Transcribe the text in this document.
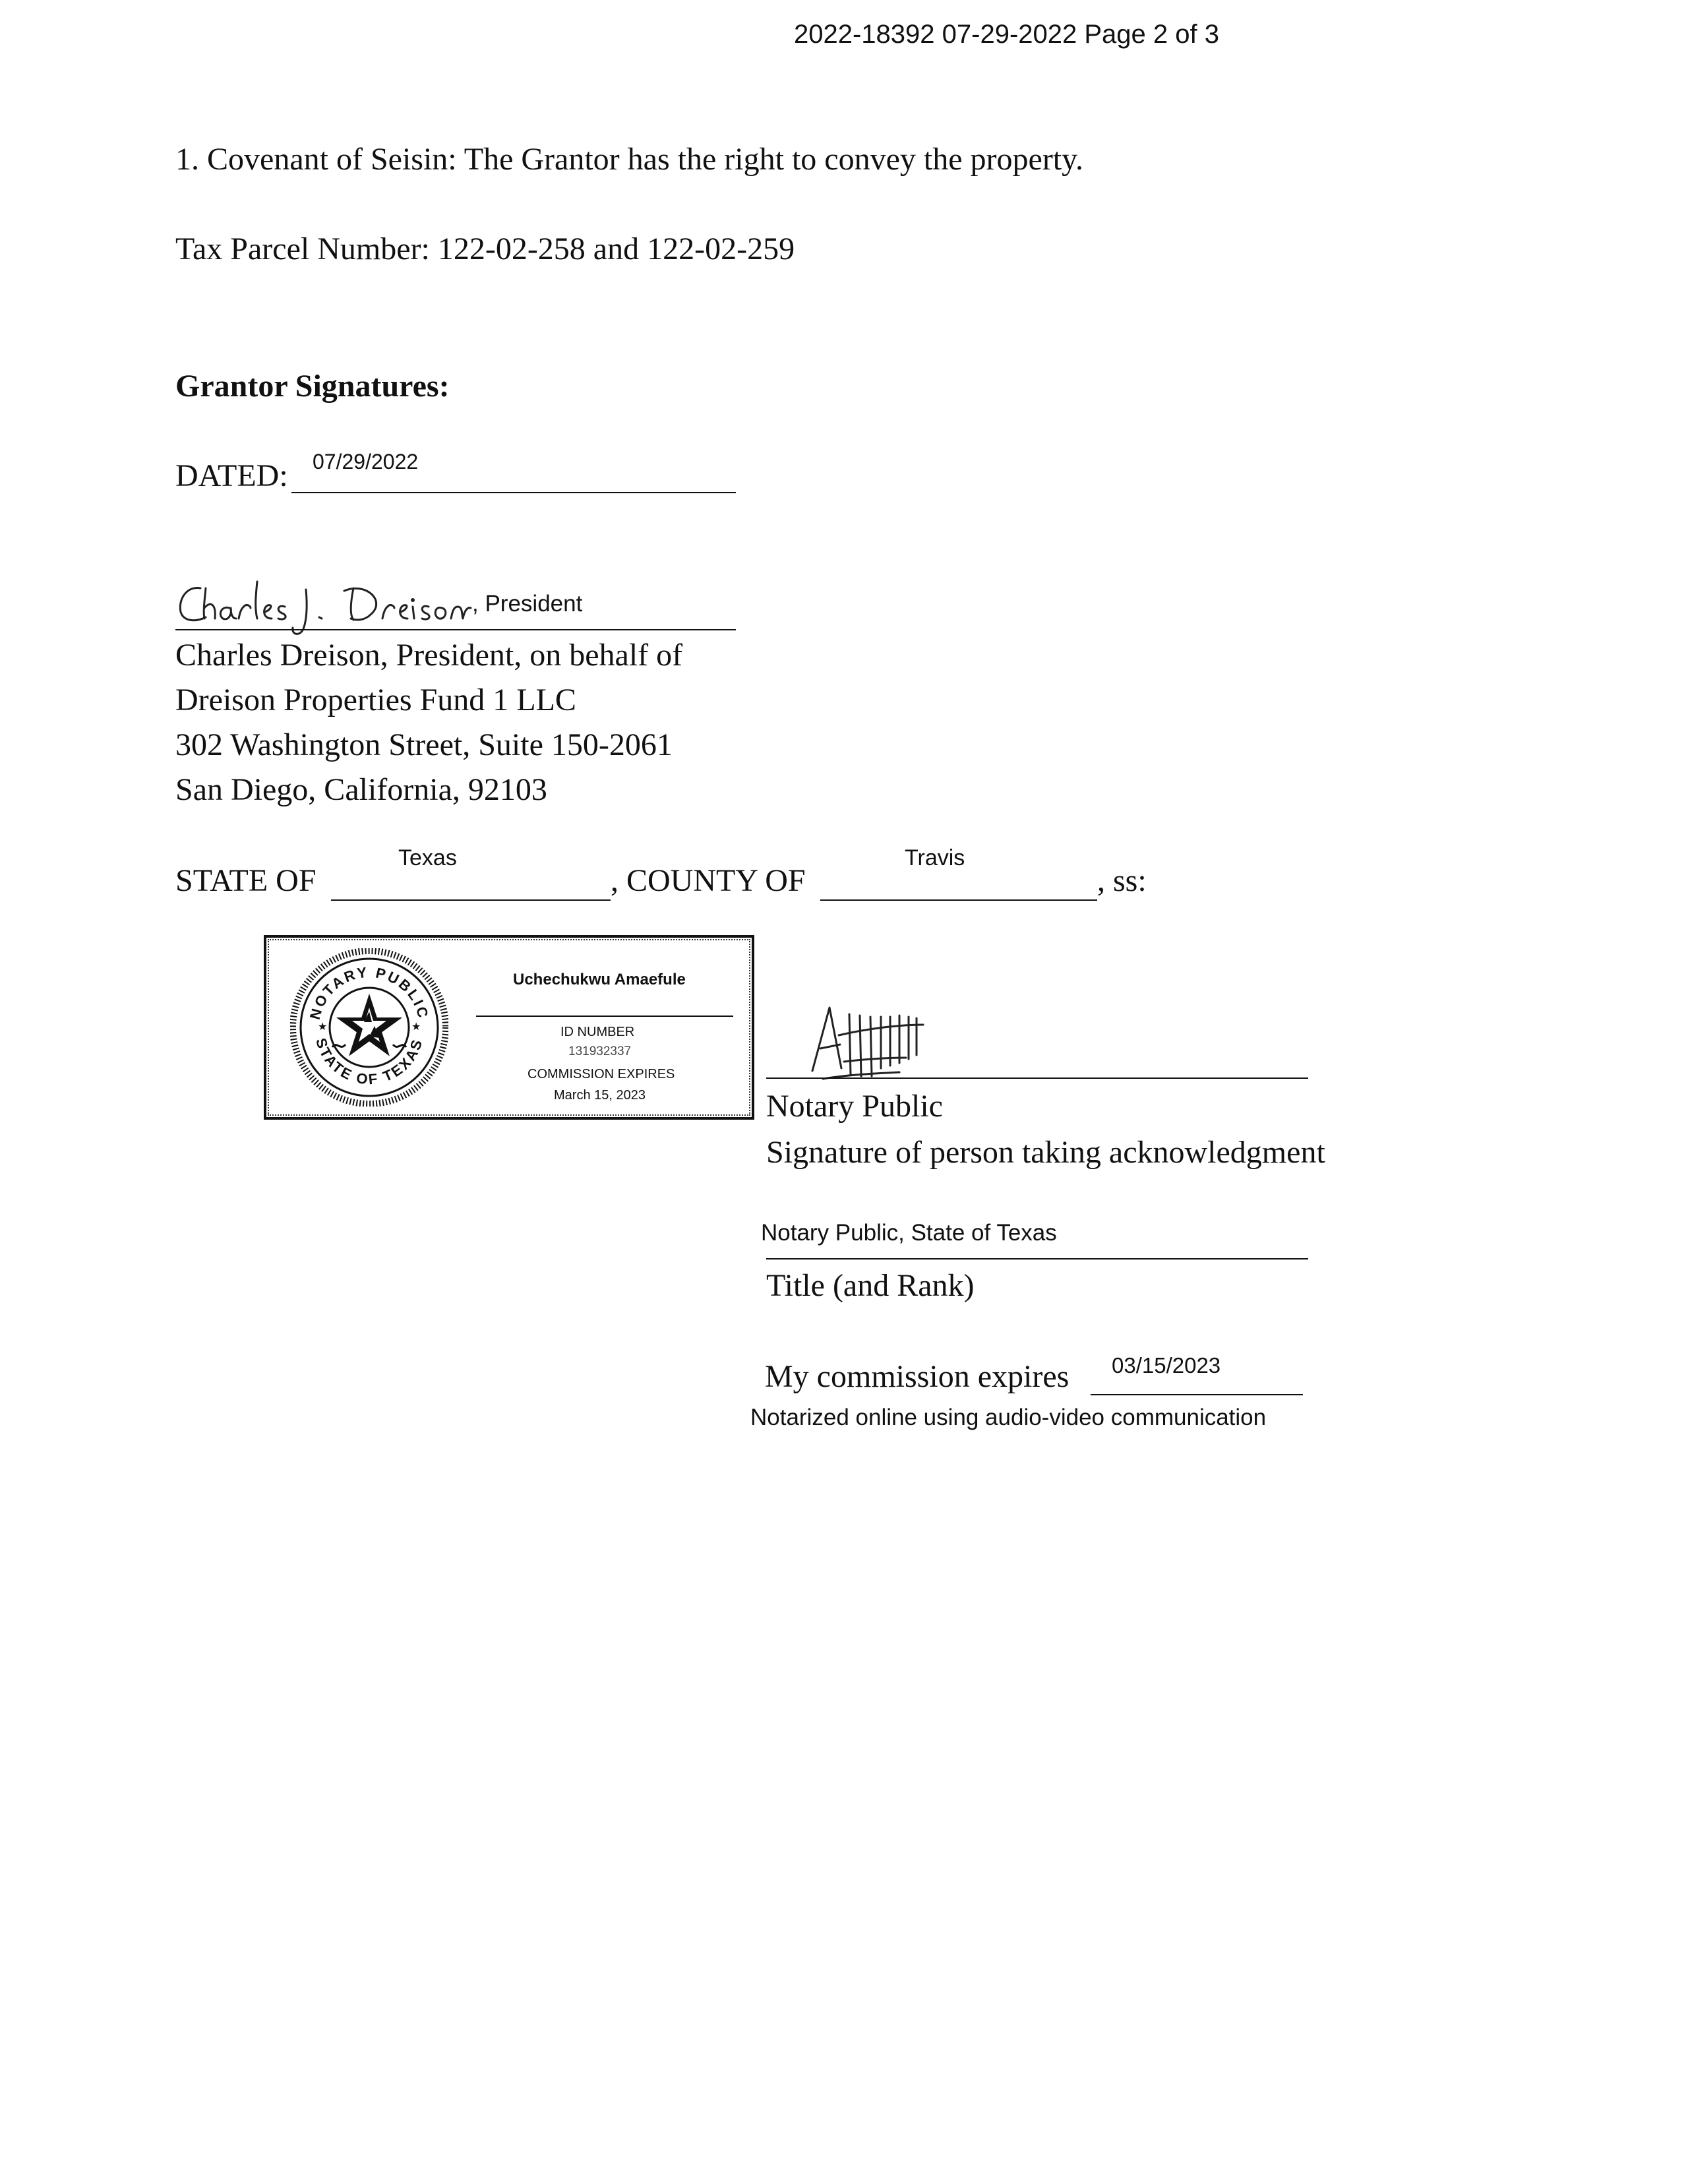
2022-18392 07-29-2022 Page 2 of 3
1. Covenant of Seisin: The Grantor has the right to convey the property.
Tax Parcel Number: 122-02-258 and 122-02-259
Grantor Signatures:
DATED: 07/29/2022
, President
Charles Dreison, President, on behalf of
Dreison Properties Fund 1 LLC
302 Washington Street, Suite 150-2061
San Diego, California, 92103
STATE OF
Texas
, COUNTY OF
Travis
, ss:
NOTARY PUBLIC
STATE OF TEXAS
★	★
Uchechukwu Amaefule
ID NUMBER
131932337
COMMISSION EXPIRES
March 15, 2023	Notary Public
Signature of person taking acknowledgment
Notary Public, State of Texas
Title (and Rank)
My commission expires 03/15/2023
Notarized online using audio-video communication
